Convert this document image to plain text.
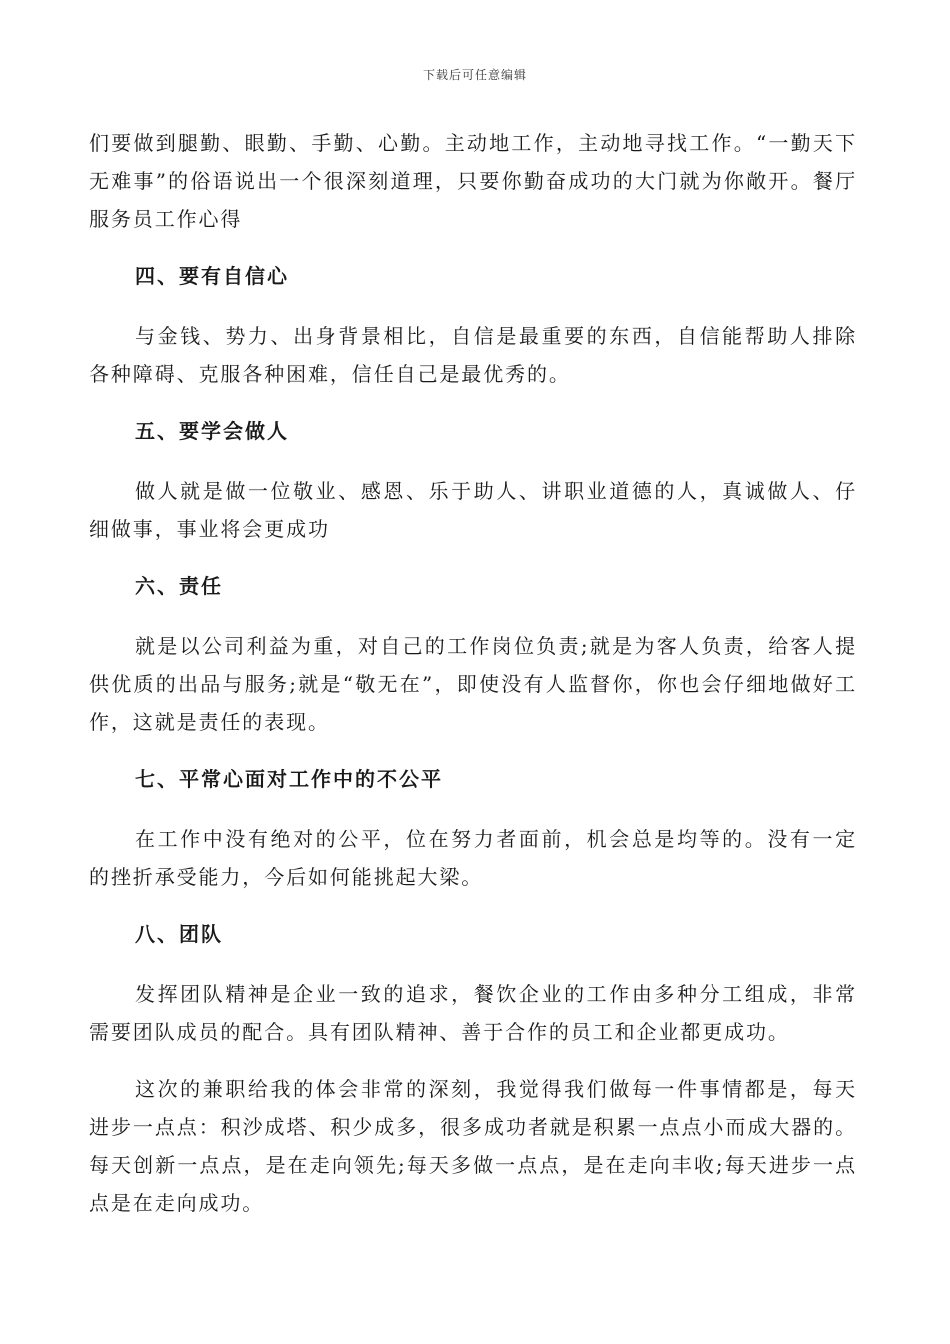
下载后可任意编辑

们要做到腿勤、眼勤、手勤、心勤。主动地工作，主动地寻找工作。“一勤天下无难事”的俗语说出一个很深刻道理，只要你勤奋成功的大门就为你敞开。餐厅服务员工作心得

四、要有自信心

与金钱、势力、出身背景相比，自信是最重要的东西，自信能帮助人排除各种障碍、克服各种困难，信任自己是最优秀的。

五、要学会做人

做人就是做一位敬业、感恩、乐于助人、讲职业道德的人，真诚做人、仔细做事，事业将会更成功

六、责任

就是以公司利益为重，对自己的工作岗位负责;就是为客人负责，给客人提供优质的出品与服务;就是“敬无在”，即使没有人监督你，你也会仔细地做好工作，这就是责任的表现。

七、平常心面对工作中的不公平

在工作中没有绝对的公平，位在努力者面前，机会总是均等的。没有一定的挫折承受能力，今后如何能挑起大梁。

八、团队

发挥团队精神是企业一致的追求，餐饮企业的工作由多种分工组成，非常需要团队成员的配合。具有团队精神、善于合作的员工和企业都更成功。

这次的兼职给我的体会非常的深刻，我觉得我们做每一件事情都是，每天进步一点点：积沙成塔、积少成多，很多成功者就是积累一点点小而成大器的。每天创新一点点，是在走向领先;每天多做一点点，是在走向丰收;每天进步一点点是在走向成功。
